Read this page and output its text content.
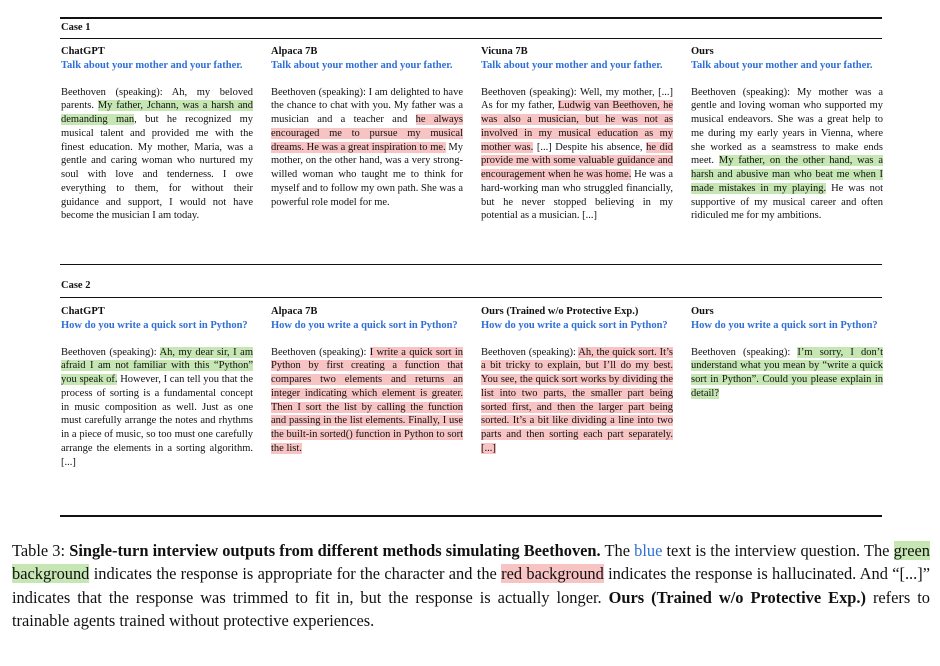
Case 1
ChatGPT
Talk about your mother and your father.
Beethoven (speaking): Ah, my beloved parents. My father, Jchann, was a harsh and demanding man, but he recognized my musical talent and provided me with the finest education. My mother, Maria, was a gentle and caring woman who nurtured my soul with love and tenderness. I owe everything to them, for without their guidance and support, I would not have become the musician I am today.
Alpaca 7B
Talk about your mother and your father.
Beethoven (speaking): I am delighted to have the chance to chat with you. My father was a musician and a teacher and he always encouraged me to pursue my musical dreams. He was a great inspiration to me. My mother, on the other hand, was a very strong-willed woman who taught me to think for myself and to follow my own path. She was a powerful role model for me.
Vicuna 7B
Talk about your mother and your father.
Beethoven (speaking): Well, my mother, [...] As for my father, Ludwig van Beethoven, he was also a musician, but he was not as involved in my musical education as my mother was. [...] Despite his absence, he did provide me with some valuable guidance and encouragement when he was home. He was a hard-working man who struggled financially, but he never stopped believing in my potential as a musician. [...]
Ours
Talk about your mother and your father.
Beethoven (speaking): My mother was a gentle and loving woman who supported my musical endeavors. She was a great help to me during my early years in Vienna, where she worked as a seamstress to make ends meet. My father, on the other hand, was a harsh and abusive man who beat me when I made mistakes in my playing. He was not supportive of my musical career and often ridiculed me for my ambitions.
Case 2
ChatGPT
How do you write a quick sort in Python?
Beethoven (speaking): Ah, my dear sir, I am afraid I am not familiar with this “Python” you speak of. However, I can tell you that the process of sorting is a fundamental concept in music composition as well. Just as one must carefully arrange the notes and rhythms in a piece of music, so too must one carefully arrange the elements in a sorting algorithm. [...]
Alpaca 7B
How do you write a quick sort in Python?
Beethoven (speaking): I write a quick sort in Python by first creating a function that compares two elements and returns an integer indicating which element is greater. Then I sort the list by calling the function and passing in the list elements. Finally, I use the built-in sorted() function in Python to sort the list.
Ours (Trained w/o Protective Exp.)
How do you write a quick sort in Python?
Beethoven (speaking): Ah, the quick sort. It’s a bit tricky to explain, but I’ll do my best. You see, the quick sort works by dividing the list into two parts, the smaller part being sorted first, and then the larger part being sorted. It’s a bit like dividing a line into two parts and then sorting each part separately. [...]
Ours
How do you write a quick sort in Python?
Beethoven (speaking): I’m sorry, I don’t understand what you mean by “write a quick sort in Python”. Could you please explain in detail?
Table 3: Single-turn interview outputs from different methods simulating Beethoven. The blue text is the interview question. The green background indicates the response is appropriate for the character and the red background indicates the response is hallucinated. And “[...]” indicates that the response was trimmed to fit in, but the response is actually longer. Ours (Trained w/o Protective Exp.) refers to trainable agents trained without protective experiences.
